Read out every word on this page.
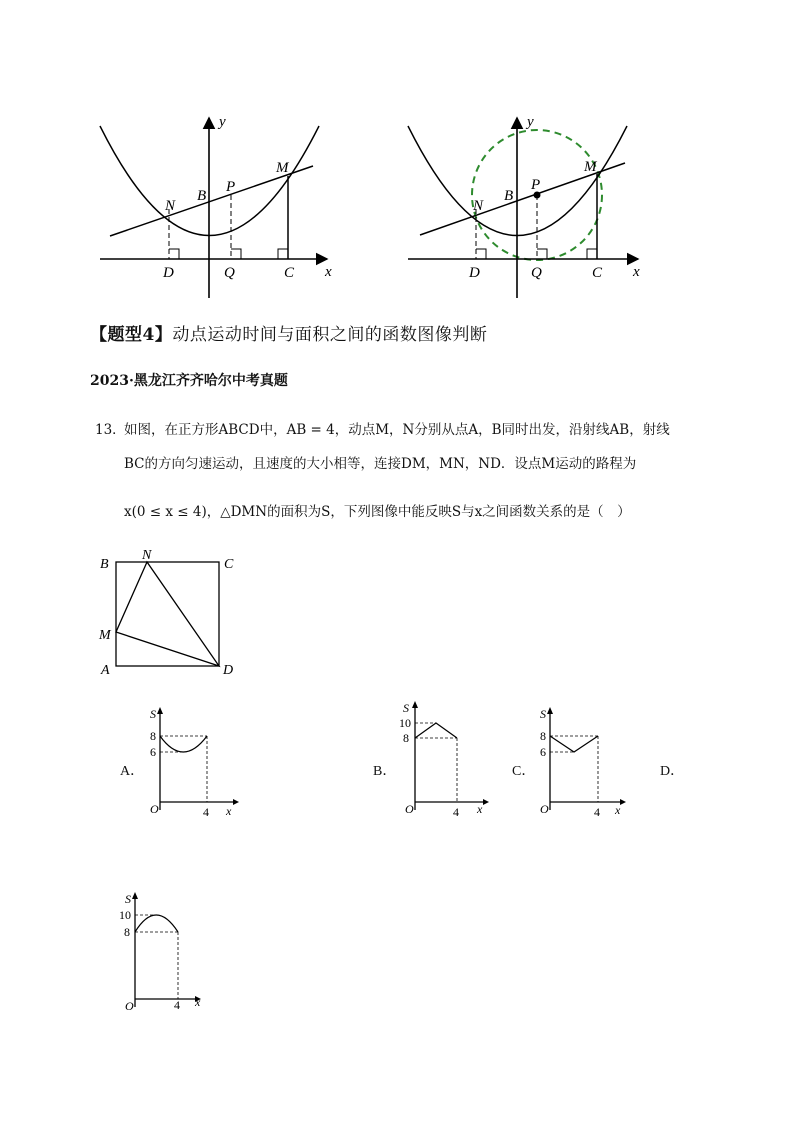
y
x
M
N
B
P
D	Q	C
y
x
M
N
B
P
D	Q	C
【题型4】动点运动时间与面积之间的函数图像判断
2023·黑龙江齐齐哈尔中考真题
13．
如图，在正方形ABCD中，AB = 4，动点M，N分别从点A，B同时出发，沿射线AB，射线
BC的方向匀速运动，且速度的大小相等，连接DM，MN，ND．设点M运动的路程为
x(0 ≤ x ≤ 4)，△DMN的面积为S，下列图像中能反映S与x之间函数关系的是（　）
B
N
C
M
A	D
A．
S
8
6
O	4 x
B．
S
10
8
O	4 x
C．
S
8
6
O	4 x
D．
S
10
8
O	4 x
